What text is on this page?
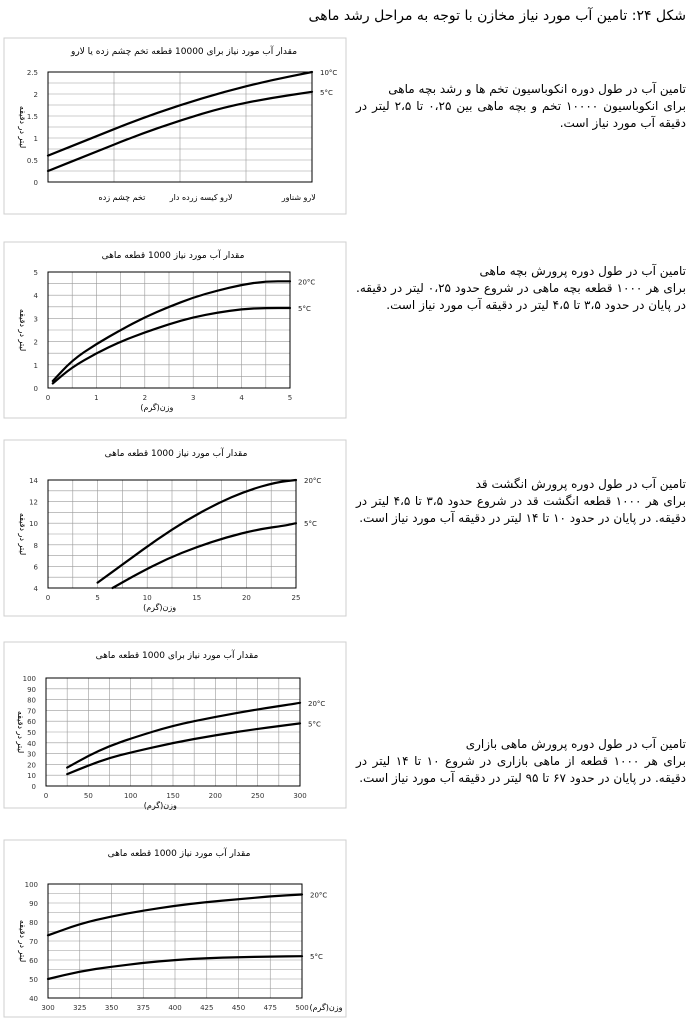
شکل ۲۴: تامین آب مورد نیاز مخازن با توجه به مراحل رشد ماهی
مقدار آب مورد نیاز برای 10000 قطعه تخم چشم زده یا لارو
2.5
2
1.5
1
0.5
0
تخم چشم زده	لارو کیسه زرده دار	لارو شناور
لیتر در دقیقه
10°C
5°C
مقدار آب مورد نیاز 1000 قطعه ماهی
5
4
3
2
1
0
0	1	2	3	4	5
وزن(گرم)
لیتر در دقیقه
20°C
5°C
مقدار آب مورد نیاز 1000 قطعه ماهی
14
12
10
8
6
4
0	5	10	15	20	25
وزن(گرم)
لیتر در دقیقه
20°C
5°C
مقدار آب مورد نیاز برای 1000 قطعه ماهی
100
90
80
70
60
50
40
30
20
10
0
0	50	100	150	200	250	300
وزن(گرم)
لیتر در دقیقه
20°C
5°C
مقدار آب مورد نیاز 1000 قطعه ماهی
100
90
80
70
60
50
40
300	325	350	375	400	425	450	475	500 وزن(گرم)
لیتر در دقیقه
20°C
5°C
تامین آب در طول دوره انکوباسیون تخم ها و رشد بچه ماهی
برای انکوباسیون ۱۰۰۰۰ تخم و بچه ماهی بین ۰،۲۵ تا ۲،۵ لیتر در دقیقه آب مورد نیاز است.
تامین آب در طول دوره پرورش بچه ماهی
برای هر ۱۰۰۰ قطعه بچه ماهی در شروع حدود ۰،۲۵ لیتر در دقیقه. در پایان در حدود ۳،۵ تا ۴،۵ لیتر در دقیقه آب مورد نیاز است.
تامین آب در طول دوره پرورش انگشت قد
برای هر ۱۰۰۰ قطعه انگشت قد در شروع حدود ۳،۵ تا ۴،۵ لیتر در دقیقه. در پایان در حدود ۱۰ تا ۱۴ لیتر در دقیقه آب مورد نیاز است.
تامین آب در طول دوره پرورش ماهی بازاری
برای هر ۱۰۰۰ قطعه از ماهی بازاری در شروع ۱۰ تا ۱۴ لیتر در دقیقه. در پایان در حدود ۶۷ تا ۹۵ لیتر در دقیقه آب مورد نیاز است.
